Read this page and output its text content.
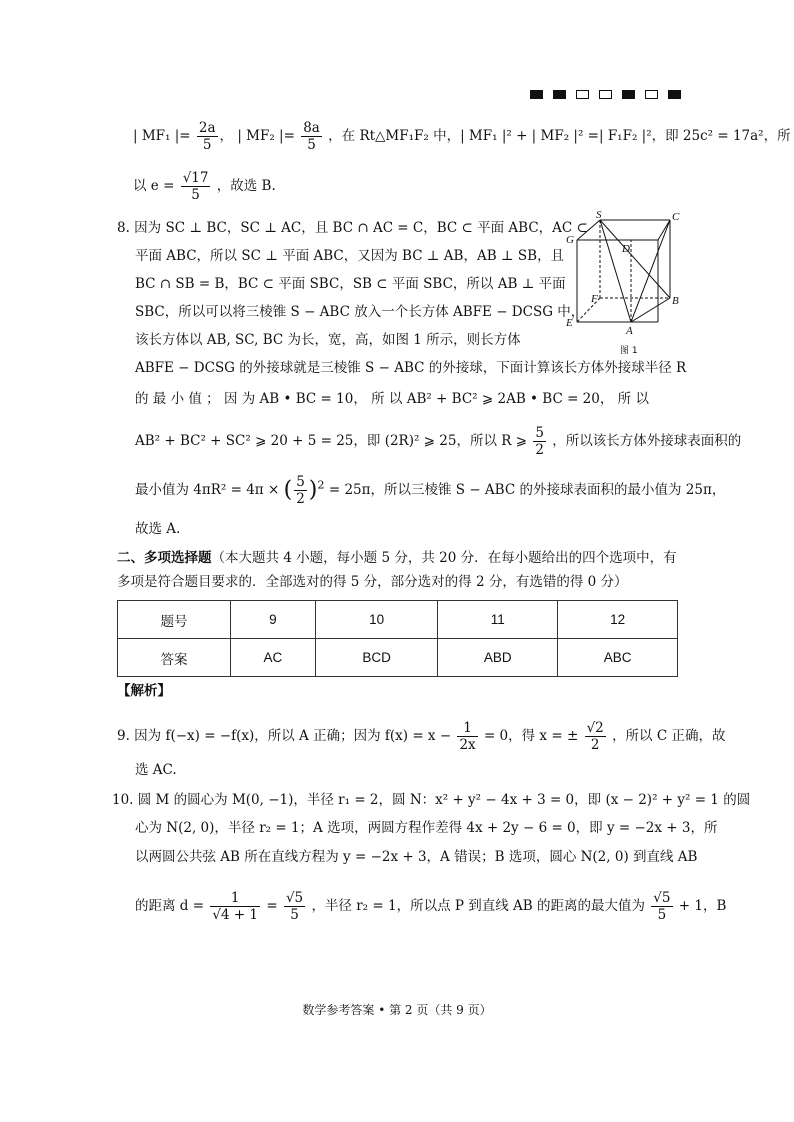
| MF₁ |= $\frac{2a}{5}$ ， | MF₂ |= $\frac{8a}{5}$ ，在 Rt△MF₁F₂ 中，| MF₁ |² + | MF₂ |² =| F₁F₂ |²，即 25c² = 17a²，所
以 $e = \frac{√17}{5}$ ，故选 B.
8. 因为 SC ⊥ BC，SC ⊥ AC，且 BC ∩ AC = C，BC ⊂ 平面 ABC，AC ⊂
平面 ABC，所以 SC ⊥ 平面 ABC，又因为 BC ⊥ AB，AB ⊥ SB，且
BC ∩ SB = B，BC ⊂ 平面 SBC，SB ⊂ 平面 SBC，所以 AB ⊥ 平面
SBC，所以可以将三棱锥 S − ABC 放入一个长方体 ABFE − DCSG 中，
该长方体以 AB, SC, BC 为长，宽，高，如图 1 所示，则长方体
ABFE − DCSG 的外接球就是三棱锥 S − ABC 的外接球，下面计算该长方体外接球半径 R
的 最 小 值 ； 因 为 AB • BC = 10， 所 以 AB² + BC² ⩾ 2AB • BC = 20， 所 以
AB² + BC² + SC² ⩾ 20 + 5 = 25，即 (2R)² ⩾ 25，所以 R ⩾ $\frac{5}{2}$ ，所以该长方体外接球表面积的
最小值为 4πR² = 4π × ( $\frac{5}{2} )^2 = 25\pi$，所以三棱锥 S − ABC 的外接球表面积的最小值为 25π，
故选 A.
S	C
G
D
F	B
E
A
图 1
二、多项选择题（本大题共 4 小题，每小题 5 分，共 20 分．在每小题给出的四个选项中，有
多项是符合题目要求的．全部选对的得 5 分，部分选对的得 2 分，有选错的得 0 分）
题号	9	10	11	12
答案	AC	BCD	ABD	ABC
【解析】
9. 因为 f(−x) = −f(x)，所以 A 正确；因为 $f(x) = x - \frac{1}{2x} = 0$，得 x = ± $\frac{√2}{2}$ ，所以 C 正确，故
选 AC.
10. 圆 M 的圆心为 M(0, −1)，半径 r₁ = 2，圆 N：x² + y² − 4x + 3 = 0，即 (x − 2)² + y² = 1 的圆
心为 N(2, 0)，半径 r₂ = 1；A 选项，两圆方程作差得 4x + 2y − 6 = 0，即 y = −2x + 3，所
以两圆公共弦 AB 所在直线方程为 y = −2x + 3，A 错误；B 选项，圆心 N(2, 0) 到直线 AB
的距离 $d = \frac{1}{√4 + 1} = \frac{√5}{5}$ ，半径 r₂ = 1，所以点 P 到直线 AB 的距离的最大值为 $\frac{√5}{5} + 1$，B
数学参考答案 • 第 2 页（共 9 页）
